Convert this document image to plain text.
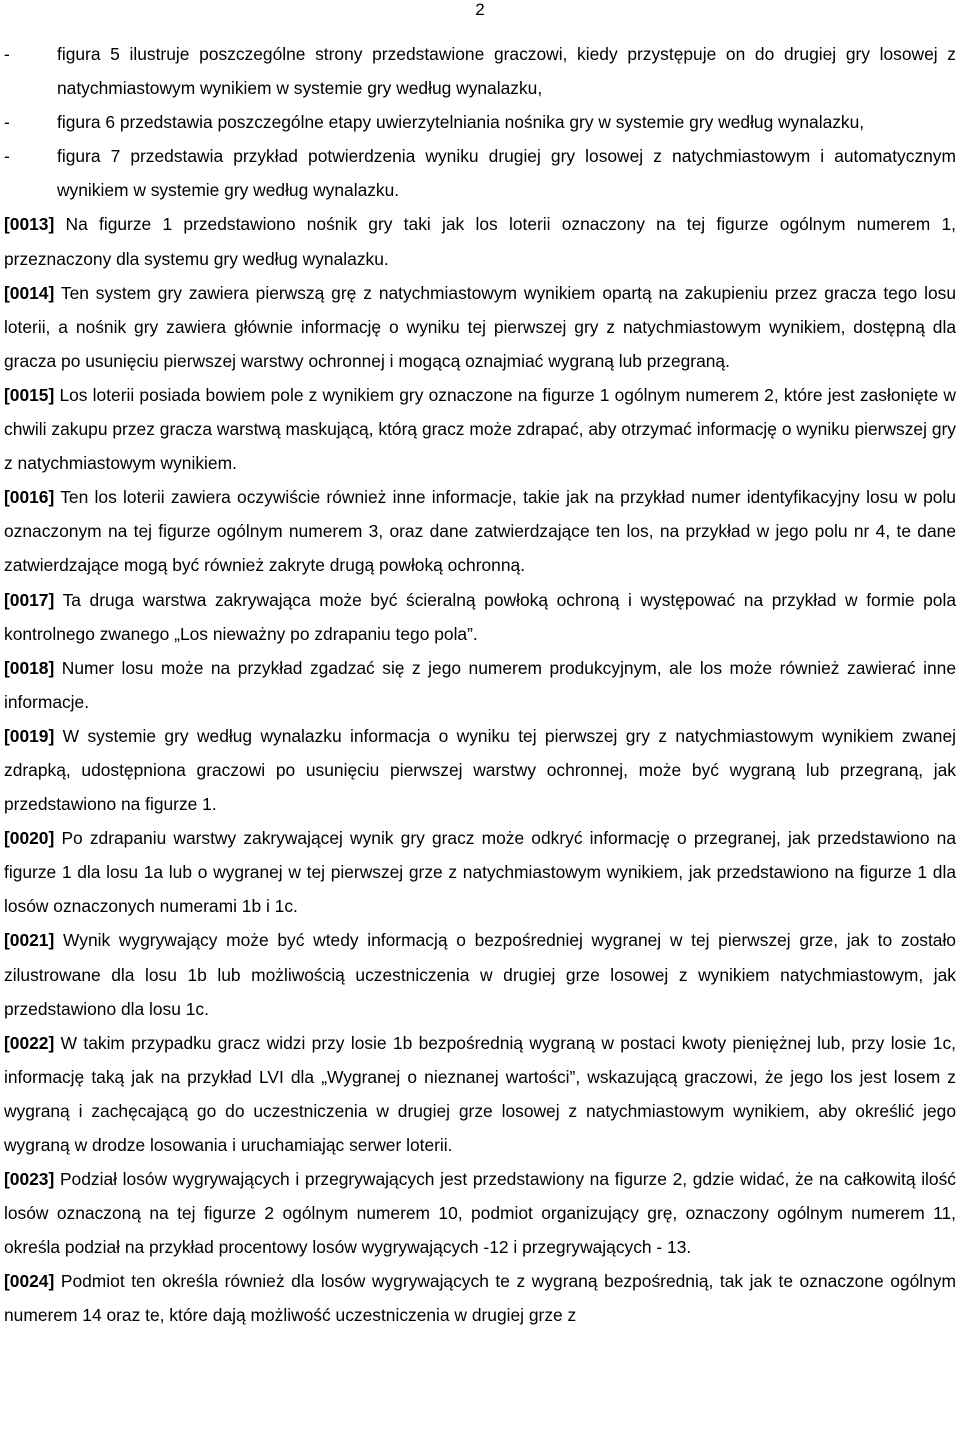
2

-	figura 5 ilustruje poszczególne strony przedstawione graczowi, kiedy przystępuje on do drugiej gry losowej z natychmiastowym wynikiem w systemie gry według wynalazku,

-	figura 6 przedstawia poszczególne etapy uwierzytelniania nośnika gry w systemie gry według wynalazku,

-	figura 7 przedstawia przykład potwierdzenia wyniku drugiej gry losowej z natychmiastowym i automatycznym wynikiem w systemie gry według wynalazku.

[0013] Na figurze 1 przedstawiono nośnik gry taki jak los loterii oznaczony na tej figurze ogólnym numerem 1, przeznaczony dla systemu gry według wynalazku.

[0014] Ten system gry zawiera pierwszą grę z natychmiastowym wynikiem opartą na zakupieniu przez gracza tego losu loterii, a nośnik gry zawiera głównie informację o wyniku tej pierwszej gry z natychmiastowym wynikiem, dostępną dla gracza po usunięciu pierwszej warstwy ochronnej i mogącą oznajmiać wygraną lub przegraną.

[0015] Los loterii posiada bowiem pole z wynikiem gry oznaczone na figurze 1 ogólnym numerem 2, które jest zasłonięte w chwili zakupu przez gracza warstwą maskującą, którą gracz może zdrapać, aby otrzymać informację o wyniku pierwszej gry z natychmiastowym wynikiem.

[0016] Ten los loterii zawiera oczywiście również inne informacje, takie jak na przykład numer identyfikacyjny losu w polu oznaczonym na tej figurze ogólnym numerem 3, oraz dane zatwierdzające ten los, na przykład w jego polu nr 4, te dane zatwierdzające mogą być również zakryte drugą powłoką ochronną.

[0017] Ta druga warstwa zakrywająca może być ścieralną powłoką ochroną i występować na przykład w formie pola kontrolnego zwanego „Los nieważny po zdrapaniu tego pola”.

[0018] Numer losu może na przykład zgadzać się z jego numerem produkcyjnym, ale los może również zawierać inne informacje.

[0019] W systemie gry według wynalazku informacja o wyniku tej pierwszej gry z natychmiastowym wynikiem zwanej zdrapką, udostępniona graczowi po usunięciu pierwszej warstwy ochronnej, może być wygraną lub przegraną, jak przedstawiono na figurze 1.

[0020] Po zdrapaniu warstwy zakrywającej wynik gry gracz może odkryć informację o przegranej, jak przedstawiono na figurze 1 dla losu 1a lub o wygranej w tej pierwszej grze z natychmiastowym wynikiem, jak przedstawiono na figurze 1 dla losów oznaczonych numerami 1b i 1c.

[0021] Wynik wygrywający może być wtedy informacją o bezpośredniej wygranej w tej pierwszej grze, jak to zostało zilustrowane dla losu 1b lub możliwością uczestniczenia w drugiej grze losowej z wynikiem natychmiastowym, jak przedstawiono dla losu 1c.

[0022] W takim przypadku gracz widzi przy losie 1b bezpośrednią wygraną w postaci kwoty pieniężnej lub, przy losie 1c, informację taką jak na przykład LVI dla „Wygranej o nieznanej wartości”, wskazującą graczowi, że jego los jest losem z wygraną i zachęcającą go do uczestniczenia w drugiej grze losowej z natychmiastowym wynikiem, aby określić jego wygraną w drodze losowania i uruchamiając serwer loterii.

[0023] Podział losów wygrywających i przegrywających jest przedstawiony na figurze 2, gdzie widać, że na całkowitą ilość losów oznaczoną na tej figurze 2 ogólnym numerem 10, podmiot organizujący grę, oznaczony ogólnym numerem 11, określa podział na przykład procentowy losów wygrywających -12 i przegrywających - 13.

[0024] Podmiot ten określa również dla losów wygrywających te z wygraną bezpośrednią, tak jak te oznaczone ogólnym numerem 14 oraz te, które dają możliwość uczestniczenia w drugiej grze z
